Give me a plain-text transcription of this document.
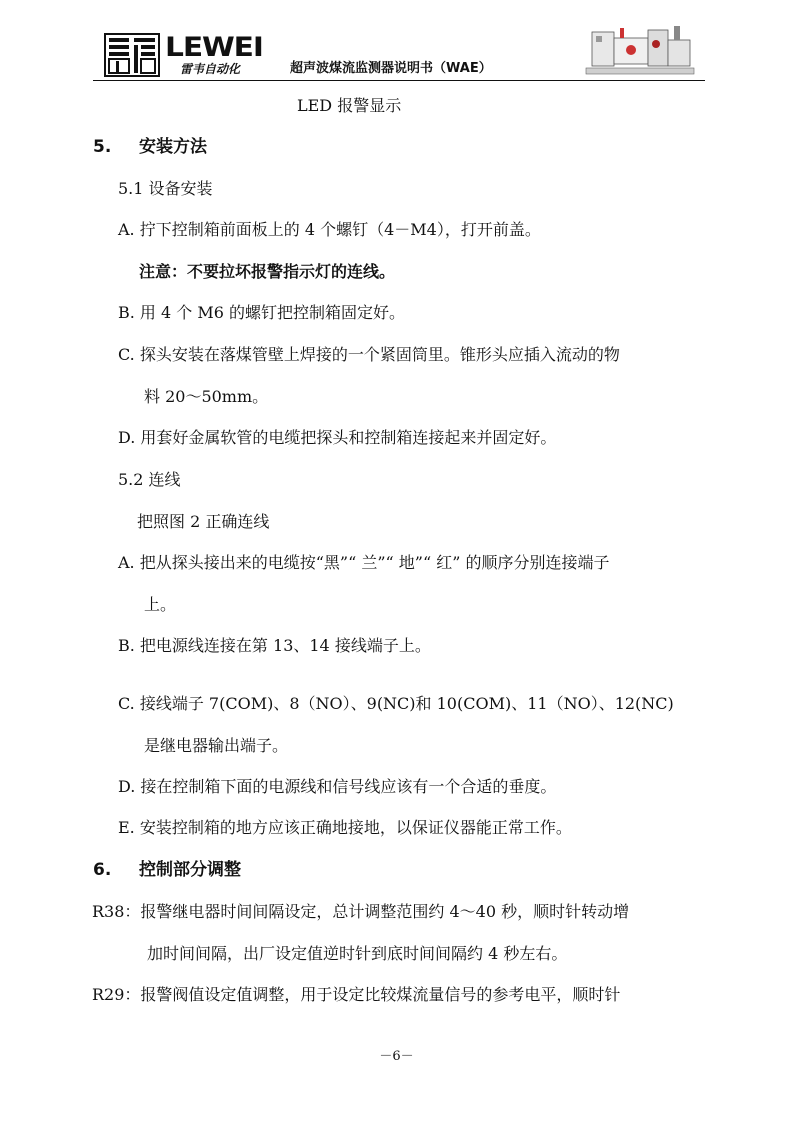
LEWEI
雷韦自动化	超声波煤流监测器说明书（WAE）
LED 报警显示
5. 安装方法
5.1 设备安装
A. 拧下控制箱前面板上的 4 个螺钉（4－M4），打开前盖。
注意：不要拉坏报警指示灯的连线。
B. 用 4 个 M6 的螺钉把控制箱固定好。
C. 探头安装在落煤管壁上焊接的一个紧固筒里。锥形头应插入流动的物
料 20～50mm。
D. 用套好金属软管的电缆把探头和控制箱连接起来并固定好。
5.2 连线
把照图 2 正确连线
A. 把从探头接出来的电缆按“黑”“ 兰”“ 地”“ 红” 的顺序分别连接端子
上。
B. 把电源线连接在第 13、14 接线端子上。
C. 接线端子 7(COM)、8（NO）、9(NC)和 10(COM)、11（NO）、12(NC)
是继电器输出端子。
D. 接在控制箱下面的电源线和信号线应该有一个合适的垂度。
E. 安装控制箱的地方应该正确地接地，以保证仪器能正常工作。
6. 控制部分调整
R38：报警继电器时间间隔设定，总计调整范围约 4～40 秒，顺时针转动增
加时间间隔，出厂设定值逆时针到底时间间隔约 4 秒左右。
R29：报警阀值设定值调整，用于设定比较煤流量信号的参考电平，顺时针
－6－
